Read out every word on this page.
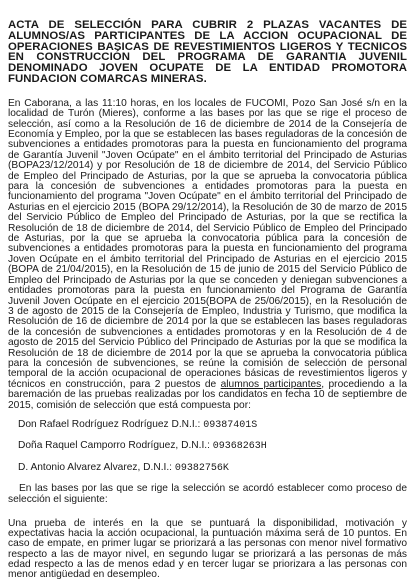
ACTA DE SELECCIÓN PARA CUBRIR 2 PLAZAS VACANTES DE ALUMNOS/AS PARTICIPANTES DE LA ACCION OCUPACIONAL DE OPERACIONES BASICAS DE REVESTIMIENTOS LIGEROS Y TECNICOS EN CONSTRUCCIÓN DEL PROGRAMA DE GARANTIA JUVENIL DENOMINADO JOVEN OCUPATE DE LA ENTIDAD PROMOTORA FUNDACION COMARCAS MINERAS.

En Caborana, a las 11:10 horas, en los locales de FUCOMI, Pozo San José s/n en la localidad de Turón (Mieres), conforme a las bases por las que se rige el proceso de selección, así como a la Resolución de 16 de diciembre de 2014 de la Consejería de Economía y Empleo, por la que se establecen las bases reguladoras de la concesión de subvenciones a entidades promotoras para la puesta en funcionamiento del programa de Garantía Juvenil "Joven Ocúpate" en el ámbito territorial del Principado de Asturias (BOPA23/12/2014) y por Resolución de 18 de diciembre de 2014, del Servicio Público de Empleo del Principado de Asturias, por la que se aprueba la convocatoria pública para la concesión de subvenciones a entidades promotoras para la puesta en funcionamiento del programa "Joven Ocúpate" en el ámbito territorial del Principado de Asturias en el ejercicio 2015 (BOPA 29/12/2014), la Resolución de 30 de marzo de 2015 del Servicio Público de Empleo del Principado de Asturias, por la que se rectifica la Resolución de 18 de diciembre de 2014, del Servicio Público de Empleo del Principado de Asturias, por la que se aprueba la convocatoria pública para la concesión de subvenciones a entidades promotoras para la puesta en funcionamiento del programa Joven Ocúpate en el ámbito territorial del Principado de Asturias en el ejercicio 2015 (BOPA de 21/04/2015), en la Resolución de 15 de junio de 2015 del Servicio Público de Empleo del Principado de Asturias por la que se conceden y deniegan subvenciones a entidades promotoras para la puesta en funcionamiento del Programa de Garantía Juvenil Joven Ocúpate en el ejercicio 2015(BOPA de 25/06/2015), en la Resolución de 3 de agosto de 2015 de la Consejería de Empleo, Industria y Turismo, que modifica la Resolución de 16 de diciembre de 2014 por la que se establecen las bases reguladoras de la concesión de subvenciones a entidades promotoras y en la Resolución de 4 de agosto de 2015 del Servicio Público del Principado de Asturias por la que se modifica la Resolución de 18 de diciembre de 2014 por la que se aprueba la convocatoria pública para la concesión de subvenciones, se reúne la comisión de selección de personal temporal de la acción ocupacional de operaciones básicas de revestimientos ligeros y técnicos en construcción, para 2 puestos de alumnos participantes, procediendo a la baremación de las pruebas realizadas por los candidatos en fecha 10 de septiembre de 2015, comisión de selección que está compuesta por:

Don Rafael Rodríguez Rodríguez D.N.I.: 09387401S
Doña Raquel Camporro Rodríguez, D.N.I.: 09368263H
D. Antonio Alvarez Alvarez, D.N.I.: 09382756K

En las bases por las que se rige la selección se acordó establecer como proceso de selección el siguiente:

Una prueba de interés en la que se puntuará la disponibilidad, motivación y expectativas hacia la acción ocupacional, la puntuación máxima será de 10 puntos. En caso de empate, en primer lugar se priorizará a las personas con menor nivel formativo respecto a las de mayor nivel, en segundo lugar se priorizará a las personas de más edad respecto a las de menos edad y en tercer lugar se priorizara a las personas con menor antigüedad en desempleo.
